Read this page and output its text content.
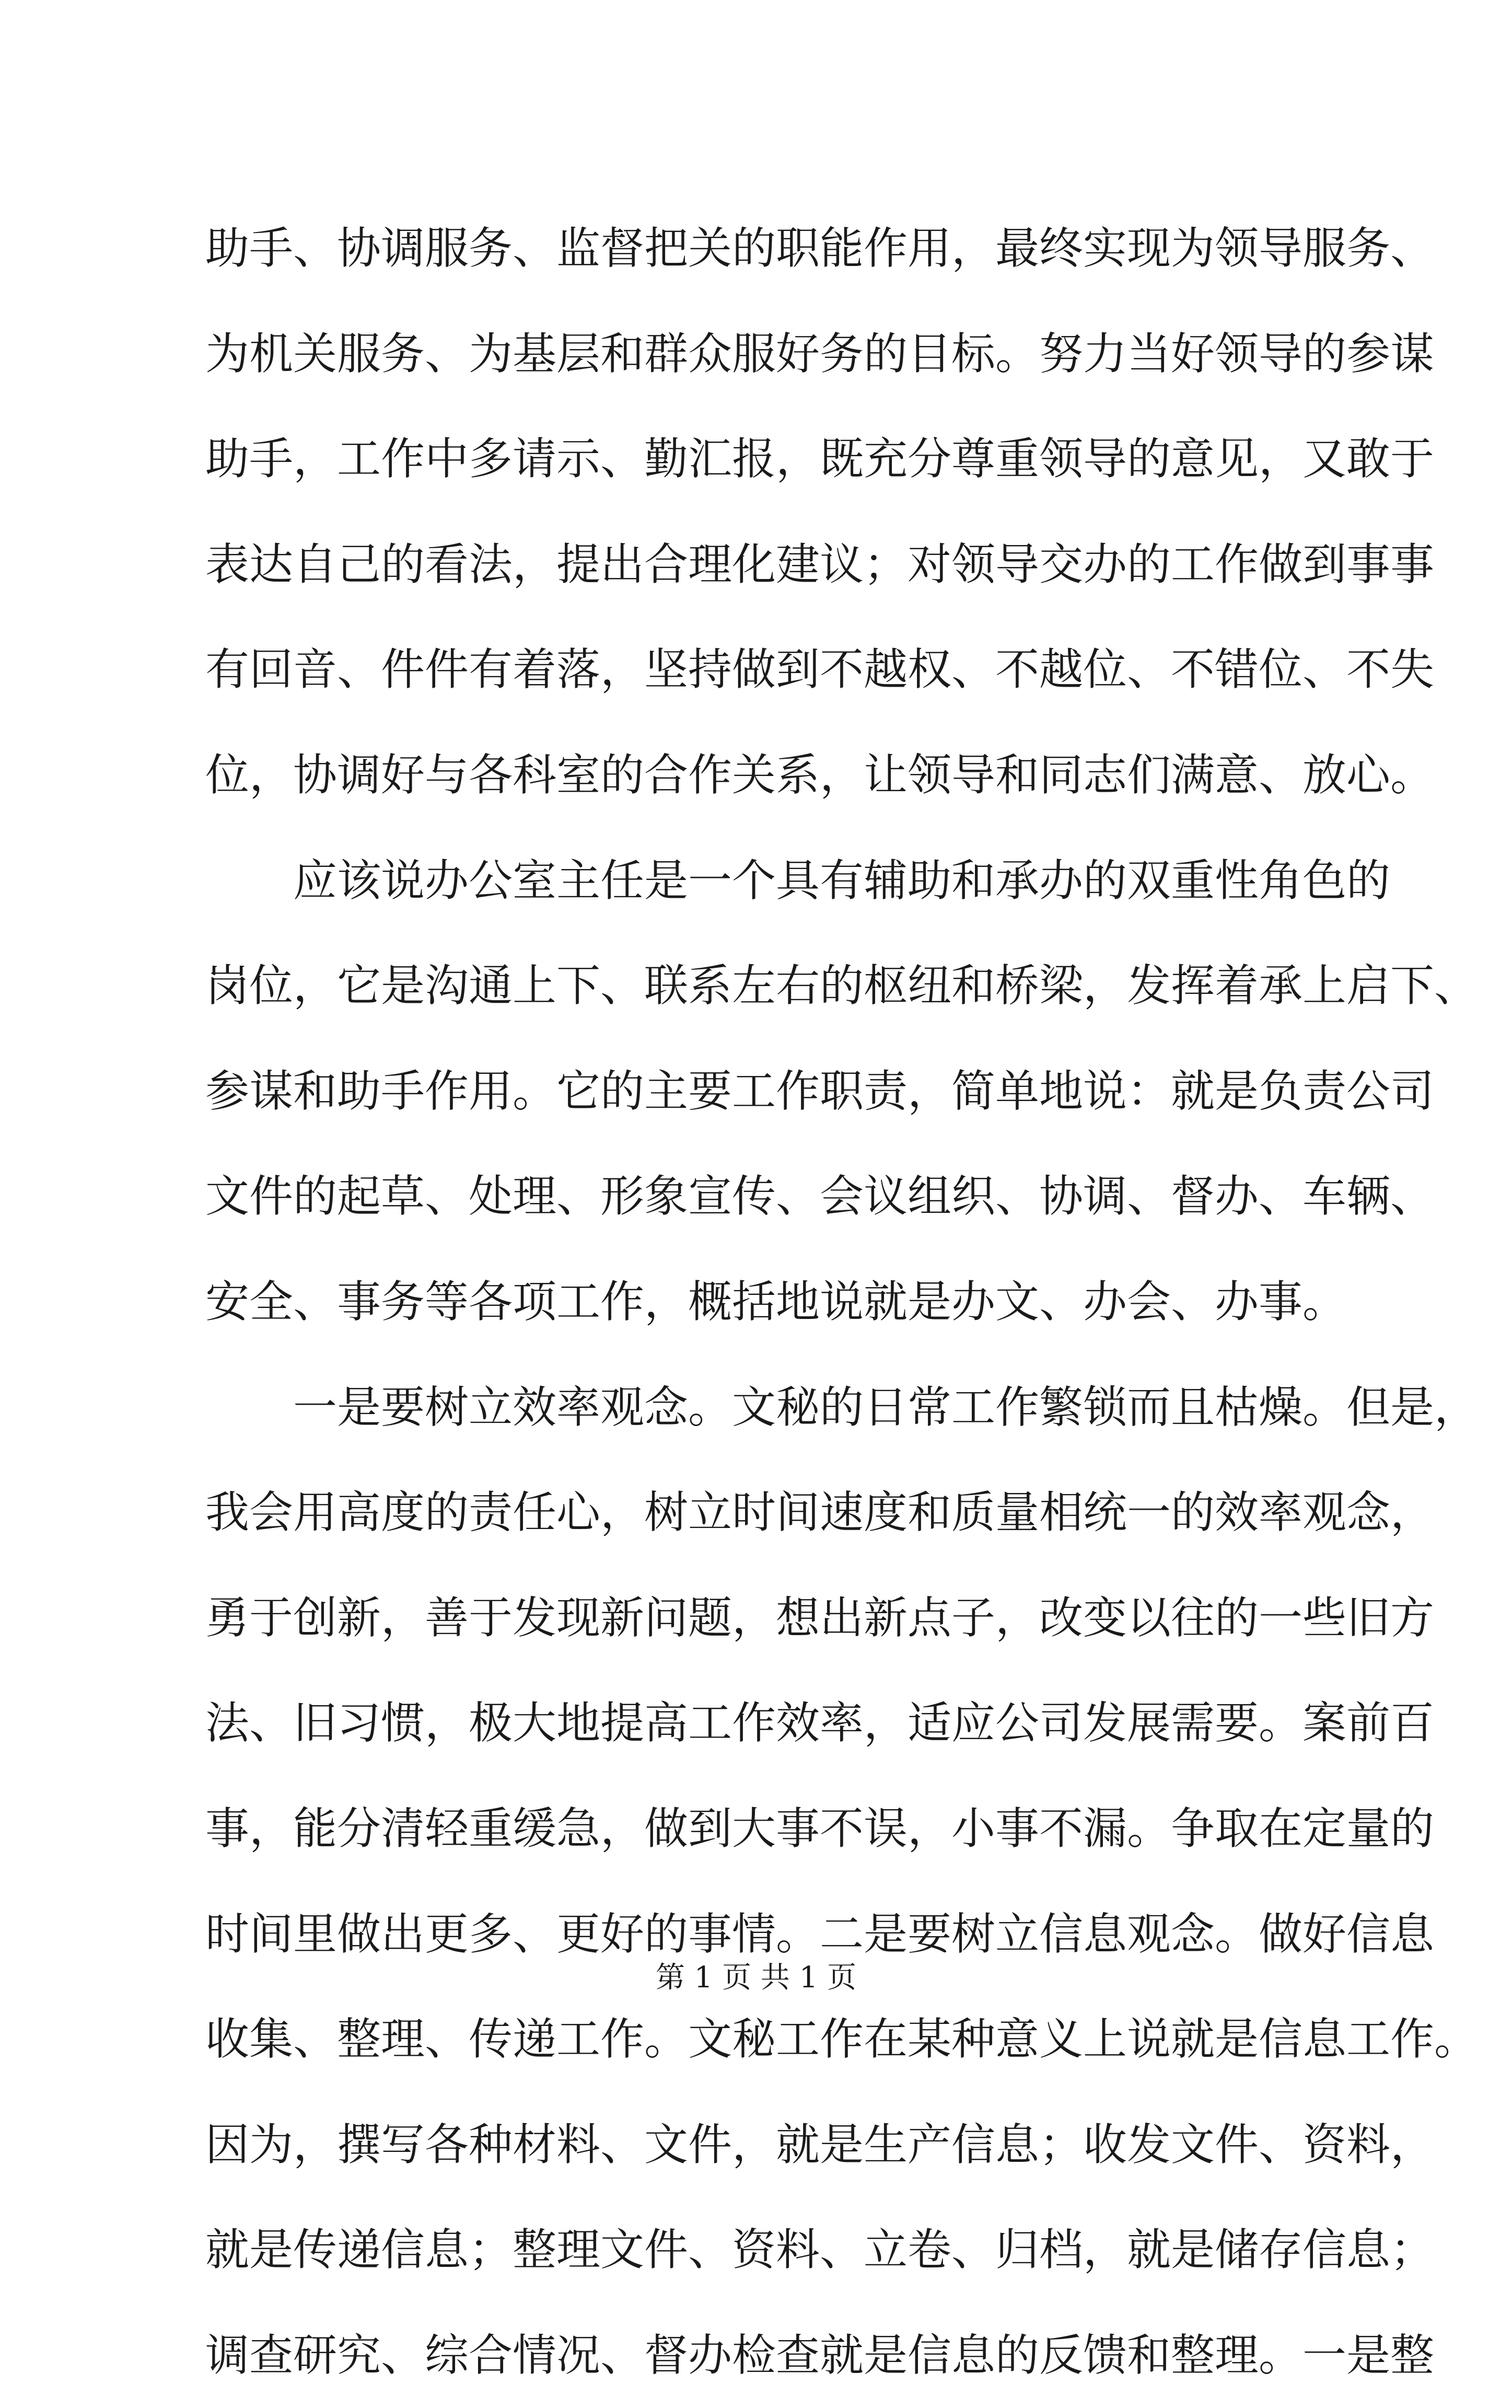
助手、协调服务、监督把关的职能作用，最终实现为领导服务、
为机关服务、为基层和群众服好务的目标。努力当好领导的参谋
助手，工作中多请示、勤汇报，既充分尊重领导的意见，又敢于
表达自己的看法，提出合理化建议；对领导交办的工作做到事事
有回音、件件有着落，坚持做到不越权、不越位、不错位、不失
位，协调好与各科室的合作关系，让领导和同志们满意、放心。
应该说办公室主任是一个具有辅助和承办的双重性角色的
岗位，它是沟通上下、联系左右的枢纽和桥梁，发挥着承上启下、
参谋和助手作用。它的主要工作职责，简单地说：就是负责公司
文件的起草、处理、形象宣传、会议组织、协调、督办、车辆、
安全、事务等各项工作，概括地说就是办文、办会、办事。
一是要树立效率观念。文秘的日常工作繁锁而且枯燥。但是，
我会用高度的责任心，树立时间速度和质量相统一的效率观念，
勇于创新，善于发现新问题，想出新点子，改变以往的一些旧方
法、旧习惯，极大地提高工作效率，适应公司发展需要。案前百
事，能分清轻重缓急，做到大事不误，小事不漏。争取在定量的
时间里做出更多、更好的事情。二是要树立信息观念。做好信息
收集、整理、传递工作。文秘工作在某种意义上说就是信息工作。
因为，撰写各种材料、文件，就是生产信息；收发文件、资料，
就是传递信息；整理文件、资料、立卷、归档，就是储存信息；
调查研究、综合情况、督办检查就是信息的反馈和整理。一是整
第 1 页 共 1 页
